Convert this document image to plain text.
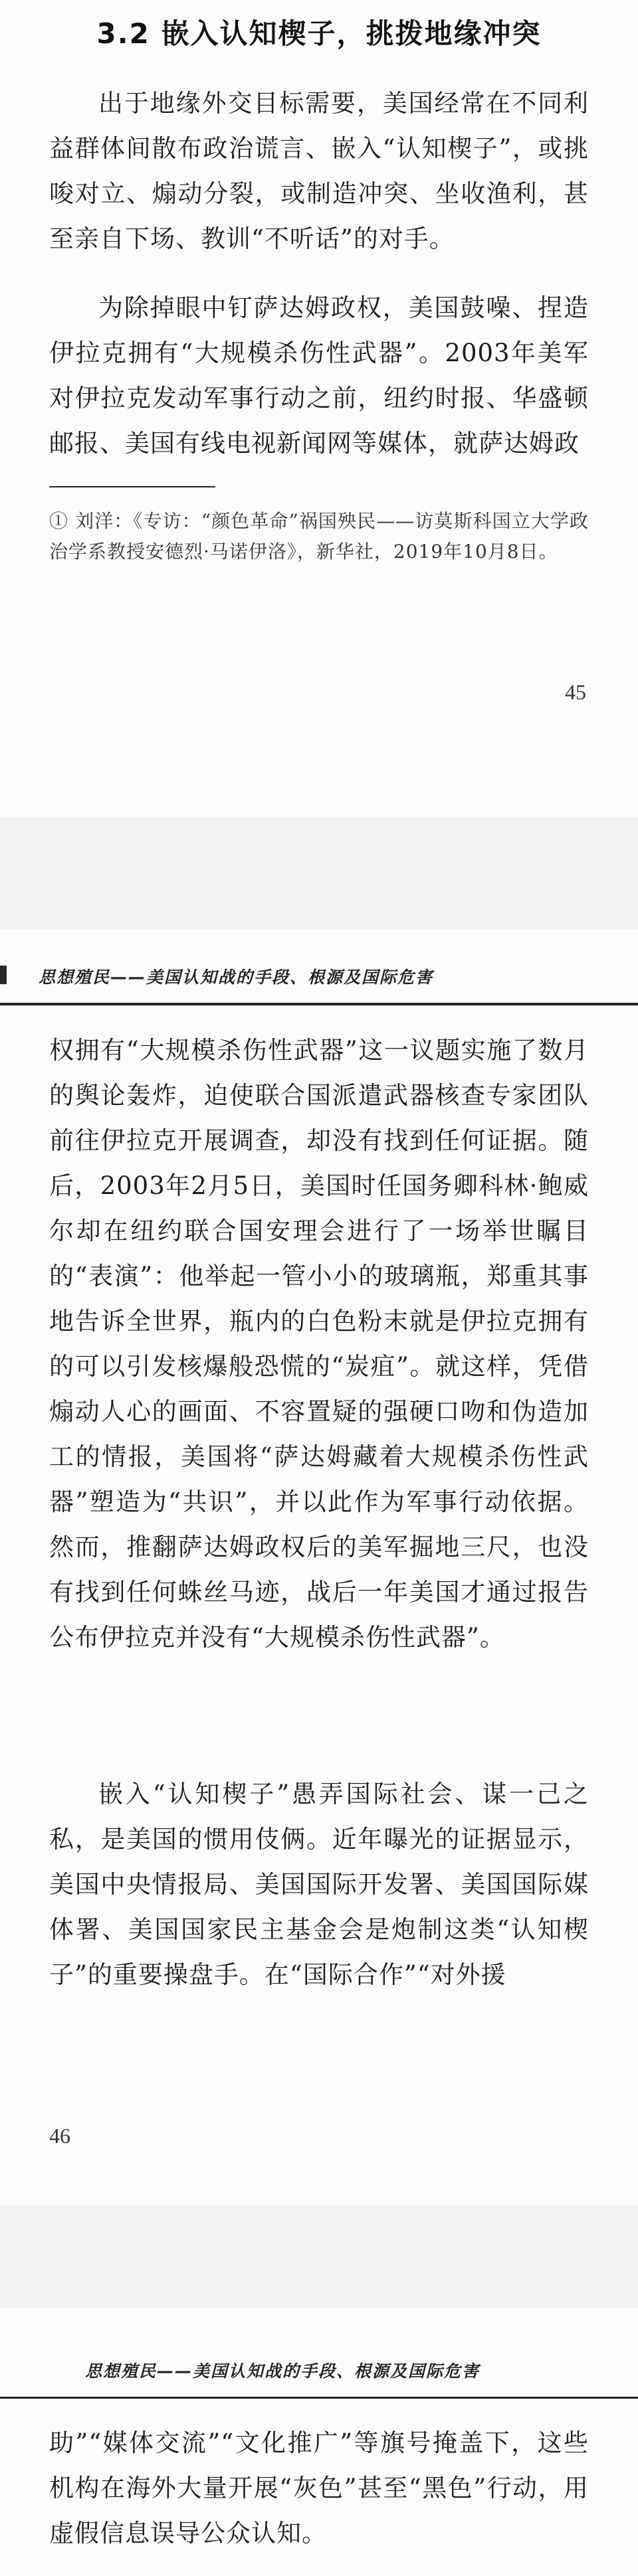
3.2 嵌入认知楔子，挑拨地缘冲突

出于地缘外交目标需要，美国经常在不同利益群体间散布政治谎言、嵌入“认知楔子”，或挑唆对立、煽动分裂，或制造冲突、坐收渔利，甚至亲自下场、教训“不听话”的对手。

为除掉眼中钉萨达姆政权，美国鼓噪、捏造伊拉克拥有“大规模杀伤性武器”。2003年美军对伊拉克发动军事行动之前，纽约时报、华盛顿邮报、美国有线电视新闻网等媒体，就萨达姆政

① 刘洋：《专访：“颜色革命”祸国殃民——访莫斯科国立大学政治学系教授安德烈·马诺伊洛》，新华社，2019年10月8日。

45
思想殖民——美国认知战的手段、根源及国际危害

权拥有“大规模杀伤性武器”这一议题实施了数月的舆论轰炸，迫使联合国派遣武器核查专家团队前往伊拉克开展调查，却没有找到任何证据。随后，2003年2月5日，美国时任国务卿科林·鲍威尔却在纽约联合国安理会进行了一场举世瞩目的“表演”：他举起一管小小的玻璃瓶，郑重其事地告诉全世界，瓶内的白色粉末就是伊拉克拥有的可以引发核爆般恐慌的“炭疽”。就这样，凭借煽动人心的画面、不容置疑的强硬口吻和伪造加工的情报，美国将“萨达姆藏着大规模杀伤性武器”塑造为“共识”，并以此作为军事行动依据。然而，推翻萨达姆政权后的美军掘地三尺，也没有找到任何蛛丝马迹，战后一年美国才通过报告公布伊拉克并没有“大规模杀伤性武器”。

嵌入“认知楔子”愚弄国际社会、谋一己之私，是美国的惯用伎俩。近年曝光的证据显示，美国中央情报局、美国国际开发署、美国国际媒体署、美国国家民主基金会是炮制这类“认知楔子”的重要操盘手。在“国际合作”“对外援

46
思想殖民——美国认知战的手段、根源及国际危害

助”“媒体交流”“文化推广”等旗号掩盖下，这些机构在海外大量开展“灰色”甚至“黑色”行动，用虚假信息误导公众认知。
